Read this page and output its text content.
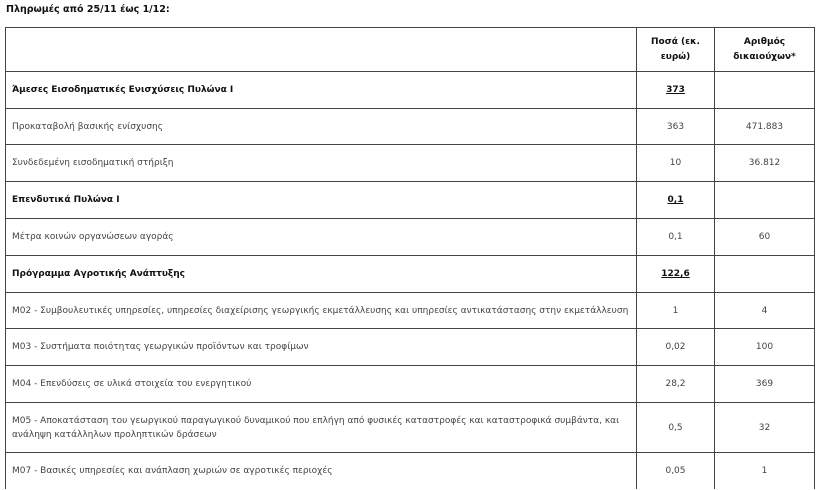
Πληρωμές από 25/11 έως 1/12:
	Ποσά (εκ. ευρώ)	Αριθμός δικαιούχων*
Άμεσες Εισοδηματικές Ενισχύσεις Πυλώνα Ι	373	
Προκαταβολή βασικής ενίσχυσης	363	471.883
Συνδεδεμένη εισοδηματική στήριξη	10	36.812
Επενδυτικά Πυλώνα Ι	0,1	
Μέτρα κοινών οργανώσεων αγοράς	0,1	60
Πρόγραμμα Αγροτικής Ανάπτυξης	122,6	
Μ02 - Συμβουλευτικές υπηρεσίες, υπηρεσίες διαχείρισης γεωργικής εκμετάλλευσης και υπηρεσίες αντικατάστασης στην εκμετάλλευση	1	4
Μ03 - Συστήματα ποιότητας γεωργικών προϊόντων και τροφίμων	0,02	100
Μ04 - Επενδύσεις σε υλικά στοιχεία του ενεργητικού	28,2	369
Μ05 - Αποκατάσταση του γεωργικού παραγωγικού δυναμικού που επλήγη από φυσικές καταστροφές και καταστροφικά συμβάντα, και ανάληψη κατάλληλων προληπτικών δράσεων	0,5	32
Μ07 - Βασικές υπηρεσίες και ανάπλαση χωριών σε αγροτικές περιοχές	0,05	1
